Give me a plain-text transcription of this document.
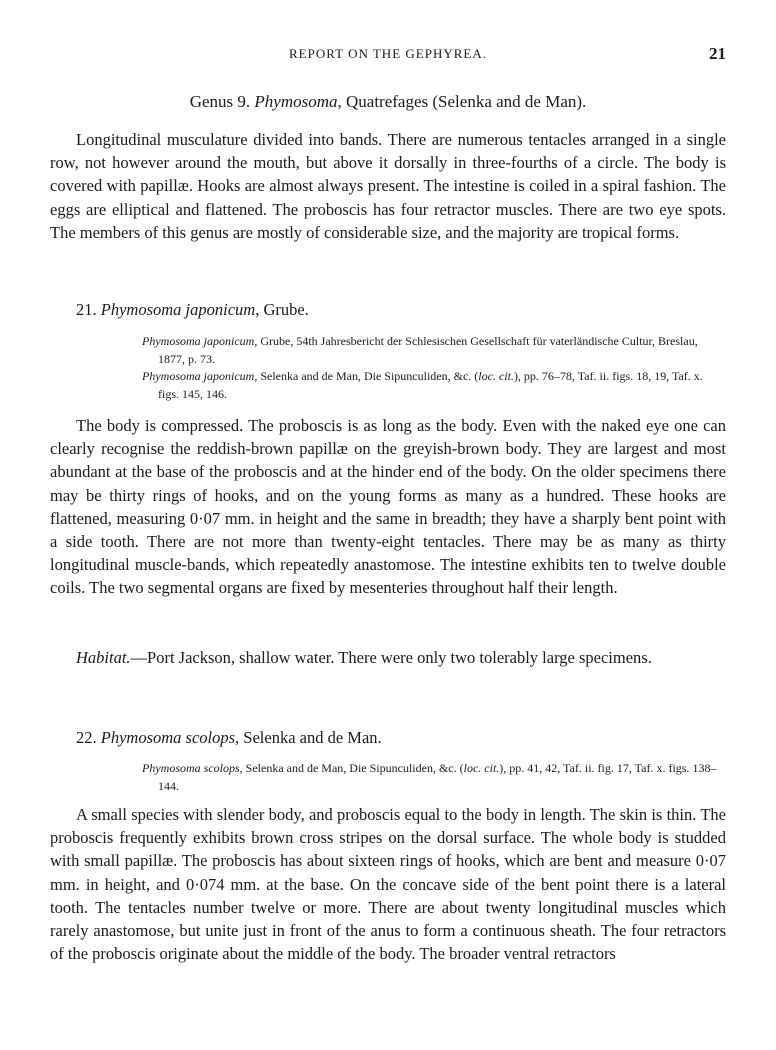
REPORT ON THE GEPHYREA.	21
Genus 9. Phymosoma, Quatrefages (Selenka and de Man).

Longitudinal musculature divided into bands. There are numerous tentacles arranged in a single row, not however around the mouth, but above it dorsally in three-fourths of a circle. The body is covered with papillæ. Hooks are almost always present. The intestine is coiled in a spiral fashion. The eggs are elliptical and flattened. The proboscis has four retractor muscles. There are two eye spots. The members of this genus are mostly of considerable size, and the majority are tropical forms.

21. Phymosoma japonicum, Grube.
Phymosoma japonicum, Grube, 54th Jahresbericht der Schlesischen Gesellschaft für vaterländische Cultur, Breslau, 1877, p. 73.
Phymosoma japonicum, Selenka and de Man, Die Sipunculiden, &c. (loc. cit.), pp. 76–78, Taf. ii. figs. 18, 19, Taf. x. figs. 145, 146.

The body is compressed. The proboscis is as long as the body. Even with the naked eye one can clearly recognise the reddish-brown papillæ on the greyish-brown body. They are largest and most abundant at the base of the proboscis and at the hinder end of the body. On the older specimens there may be thirty rings of hooks, and on the young forms as many as a hundred. These hooks are flattened, measuring 0·07 mm. in height and the same in breadth; they have a sharply bent point with a side tooth. There are not more than twenty-eight tentacles. There may be as many as thirty longitudinal muscle-bands, which repeatedly anastomose. The intestine exhibits ten to twelve double coils. The two segmental organs are fixed by mesenteries throughout half their length.

Habitat.—Port Jackson, shallow water. There were only two tolerably large specimens.

22. Phymosoma scolops, Selenka and de Man.
Phymosoma scolops, Selenka and de Man, Die Sipunculiden, &c. (loc. cit.), pp. 41, 42, Taf. ii. fig. 17, Taf. x. figs. 138–144.

A small species with slender body, and proboscis equal to the body in length. The skin is thin. The proboscis frequently exhibits brown cross stripes on the dorsal surface. The whole body is studded with small papillæ. The proboscis has about sixteen rings of hooks, which are bent and measure 0·07 mm. in height, and 0·074 mm. at the base. On the concave side of the bent point there is a lateral tooth. The tentacles number twelve or more. There are about twenty longitudinal muscles which rarely anastomose, but unite just in front of the anus to form a continuous sheath. The four retractors of the proboscis originate about the middle of the body. The broader ventral retractors
